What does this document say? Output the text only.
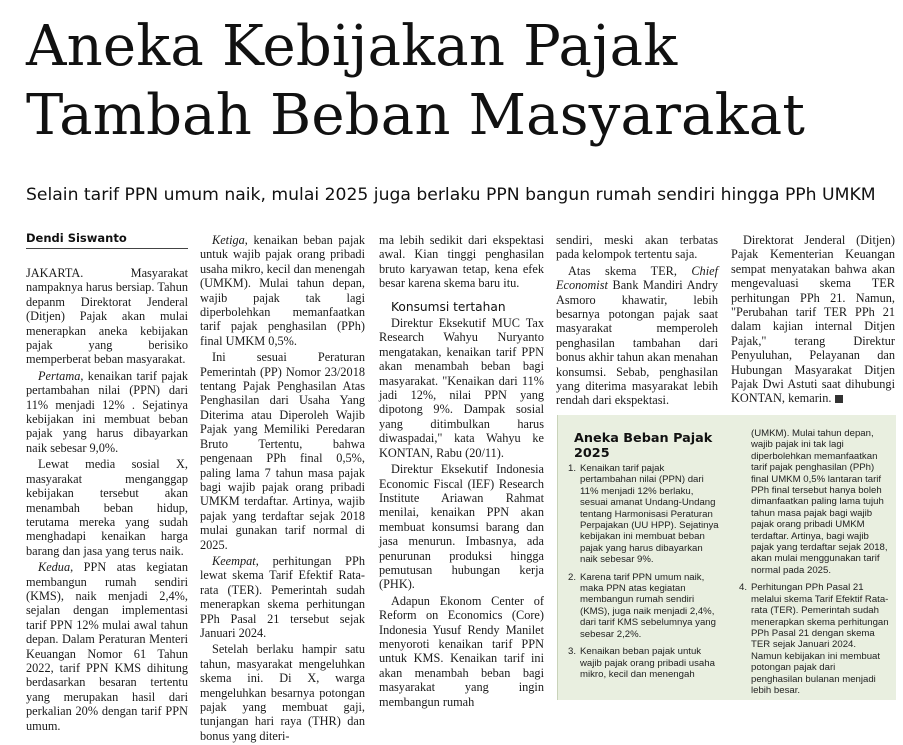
Aneka Kebijakan Pajak
Tambah Beban Masyarakat
Selain tarif PPN umum naik, mulai 2025 juga berlaku PPN bangun rumah sendiri hingga PPh UMKM
Dendi Siswanto

JAKARTA. Masyarakat nampaknya harus bersiap. Tahun depanm Direktorat Jenderal (Ditjen) Pajak akan mulai menerapkan aneka kebijakan pajak yang berisiko memperberat beban masyarakat.

Pertama, kenaikan tarif pajak pertambahan nilai (PPN) dari 11% menjadi 12% . Sejatinya kebijakan ini membuat beban pajak yang harus dibayarkan naik sebesar 9,0%.

Lewat media sosial X, masyarakat menganggap kebijakan tersebut akan menambah beban hidup, terutama mereka yang sudah menghadapi kenaikan harga barang dan jasa yang terus naik.

Kedua, PPN atas kegiatan membangun rumah sendiri (KMS), naik menjadi 2,4%, sejalan dengan implementasi tarif PPN 12% mulai awal tahun depan. Dalam Peraturan Menteri Keuangan Nomor 61 Tahun 2022, tarif PPN KMS dihitung berdasarkan besaran tertentu yang merupakan hasil dari perkalian 20% dengan tarif PPN umum.

Ketiga, kenaikan beban pajak untuk wajib pajak orang pribadi usaha mikro, kecil dan menengah (UMKM). Mulai tahun depan, wajib pajak tak lagi diperbolehkan memanfaatkan tarif pajak penghasilan (PPh) final UMKM 0,5%.

Ini sesuai Peraturan Pemerintah (PP) Nomor 23/2018 tentang Pajak Penghasilan Atas Penghasilan dari Usaha Yang Diterima atau Diperoleh Wajib Pajak yang Memiliki Peredaran Bruto Tertentu, bahwa pengenaan PPh final 0,5%, paling lama 7 tahun masa pajak bagi wajib pajak orang pribadi UMKM terdaftar. Artinya, wajib pajak yang terdaftar sejak 2018 mulai gunakan tarif normal di 2025.

Keempat, perhitungan PPh lewat skema Tarif Efektif Rata-rata (TER). Pemerintah sudah menerapkan skema perhitungan PPh Pasal 21 tersebut sejak Januari 2024.

Setelah berlaku hampir satu tahun, masyarakat mengeluhkan skema ini. Di X, warga mengeluhkan besarnya potongan pajak yang membuat gaji, tunjangan hari raya (THR) dan bonus yang diteri-

ma lebih sedikit dari ekspektasi awal. Kian tinggi penghasilan bruto karyawan tetap, kena efek besar karena skema baru itu.

Konsumsi tertahan

Direktur Eksekutif MUC Tax Research Wahyu Nuryanto mengatakan, kenaikan tarif PPN akan menambah beban bagi masyarakat. "Kenaikan dari 11% jadi 12%, nilai PPN yang dipotong 9%. Dampak sosial yang ditimbulkan harus diwaspadai," kata Wahyu ke KONTAN, Rabu (20/11).

Direktur Eksekutif Indonesia Economic Fiscal (IEF) Research Institute Ariawan Rahmat menilai, kenaikan PPN akan membuat konsumsi barang dan jasa menurun. Imbasnya, ada penurunan produksi hingga pemutusan hubungan kerja (PHK).

Adapun Ekonom Center of Reform on Economics (Core) Indonesia Yusuf Rendy Manilet menyoroti kenaikan tarif PPN untuk KMS. Kenaikan tarif ini akan menambah beban bagi masyarakat yang ingin membangun rumah

sendiri, meski akan terbatas pada kelompok tertentu saja.

Atas skema TER, Chief Economist Bank Mandiri Andry Asmoro khawatir, lebih besarnya potongan pajak saat masyarakat memperoleh penghasilan tambahan dari bonus akhir tahun akan menahan konsumsi. Sebab, penghasilan yang diterima masyarakat lebih rendah dari ekspektasi.

Direktorat Jenderal (Ditjen) Pajak Kementerian Keuangan sempat menyatakan bahwa akan mengevaluasi skema TER perhitungan PPh 21. Namun, "Perubahan tarif TER PPh 21 dalam kajian internal Ditjen Pajak," terang Direktur Penyuluhan, Pelayanan dan Hubungan Masyarakat Ditjen Pajak Dwi Astuti saat dihubungi KONTAN, kemarin.

Aneka Beban Pajak 2025
1. Kenaikan tarif pajak pertambahan nilai (PPN) dari 11% menjadi 12% berlaku, sesuai amanat Undang-Undang tentang Harmonisasi Peraturan Perpajakan (UU HPP). Sejatinya kebijakan ini membuat beban pajak yang harus dibayarkan naik sebesar 9%.
2. Karena tarif PPN umum naik, maka PPN atas kegiatan membangun rumah sendiri (KMS), juga naik menjadi 2,4%, dari tarif KMS sebelumnya yang sebesar 2,2%.
3. Kenaikan beban pajak untuk wajib pajak orang pribadi usaha mikro, kecil dan menengah

(UMKM). Mulai tahun depan, wajib pajak ini tak lagi diperbolehkan memanfaatkan tarif pajak penghasilan (PPh) final UMKM 0,5% lantaran tarif PPh final tersebut hanya boleh dimanfaatkan paling lama tujuh tahun masa pajak bagi wajib pajak orang pribadi UMKM terdaftar. Artinya, bagi wajib pajak yang terdaftar sejak 2018, akan mulai menggunakan tarif normal pada 2025.

4. Perhitungan PPh Pasal 21 melalui skema Tarif Efektif Rata-rata (TER). Pemerintah sudah menerapkan skema perhitungan PPh Pasal 21 dengan skema TER sejak Januari 2024. Namun kebijakan ini membuat potongan pajak dari penghasilan bulanan menjadi lebih besar.
